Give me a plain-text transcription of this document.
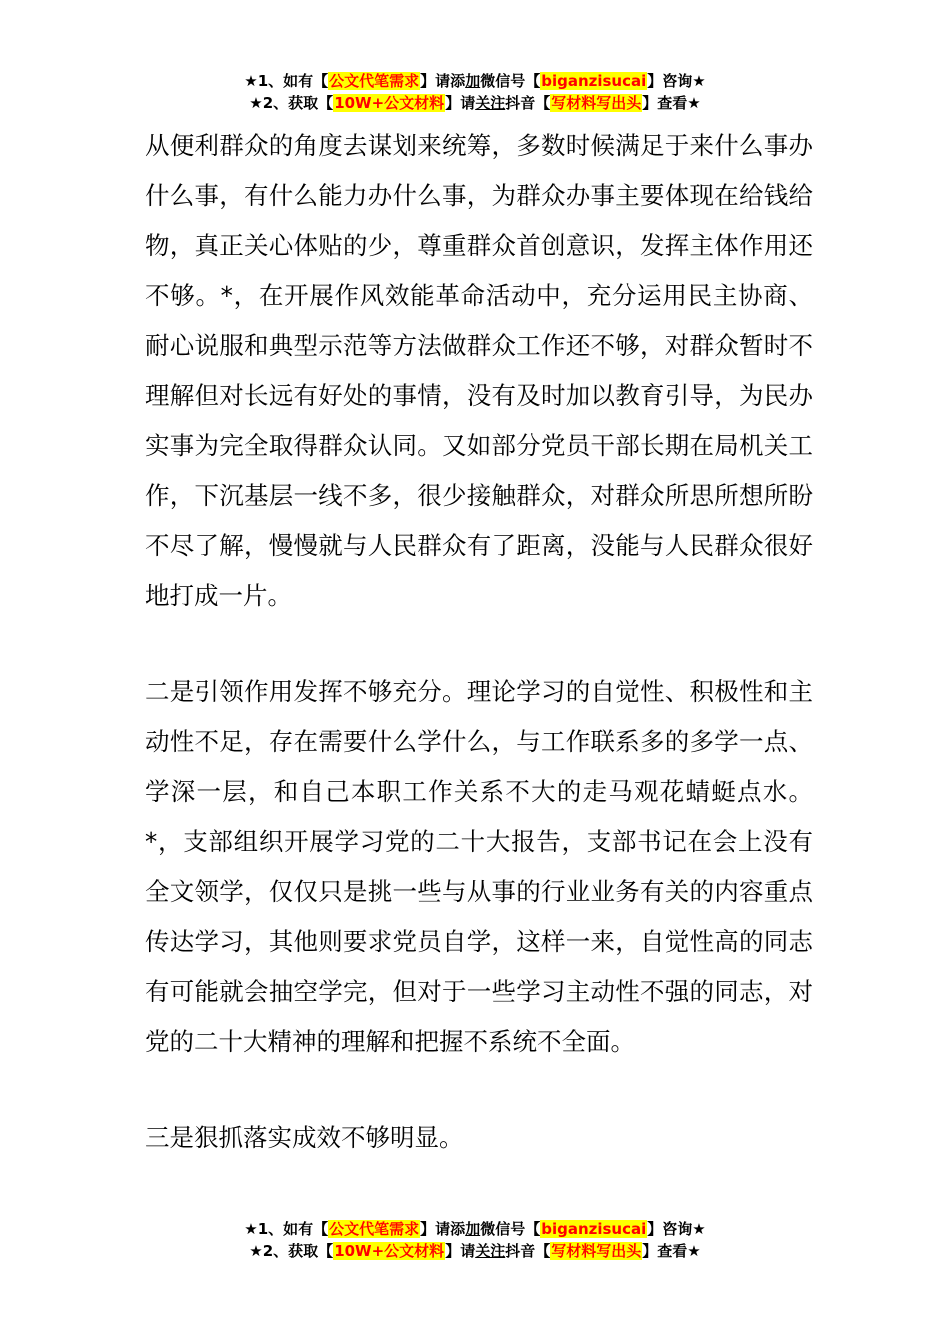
★1、如有【公文代笔需求】请添加微信号【biganzisucai】咨询★
★2、获取【10W+公文材料】请关注抖音【写材料写出头】查看★

从便利群众的角度去谋划来统筹，多数时候满足于来什么事办什么事，有什么能力办什么事，为群众办事主要体现在给钱给物，真正关心体贴的少，尊重群众首创意识，发挥主体作用还不够。*，在开展作风效能革命活动中，充分运用民主协商、耐心说服和典型示范等方法做群众工作还不够，对群众暂时不理解但对长远有好处的事情，没有及时加以教育引导，为民办实事为完全取得群众认同。又如部分党员干部长期在局机关工作，下沉基层一线不多，很少接触群众，对群众所思所想所盼不尽了解，慢慢就与人民群众有了距离，没能与人民群众很好地打成一片。

二是引领作用发挥不够充分。理论学习的自觉性、积极性和主动性不足，存在需要什么学什么，与工作联系多的多学一点、学深一层，和自己本职工作关系不大的走马观花蜻蜓点水。*，支部组织开展学习党的二十大报告，支部书记在会上没有全文领学，仅仅只是挑一些与从事的行业业务有关的内容重点传达学习，其他则要求党员自学，这样一来，自觉性高的同志有可能就会抽空学完，但对于一些学习主动性不强的同志，对党的二十大精神的理解和把握不系统不全面。

三是狠抓落实成效不够明显。

★1、如有【公文代笔需求】请添加微信号【biganzisucai】咨询★
★2、获取【10W+公文材料】请关注抖音【写材料写出头】查看★
